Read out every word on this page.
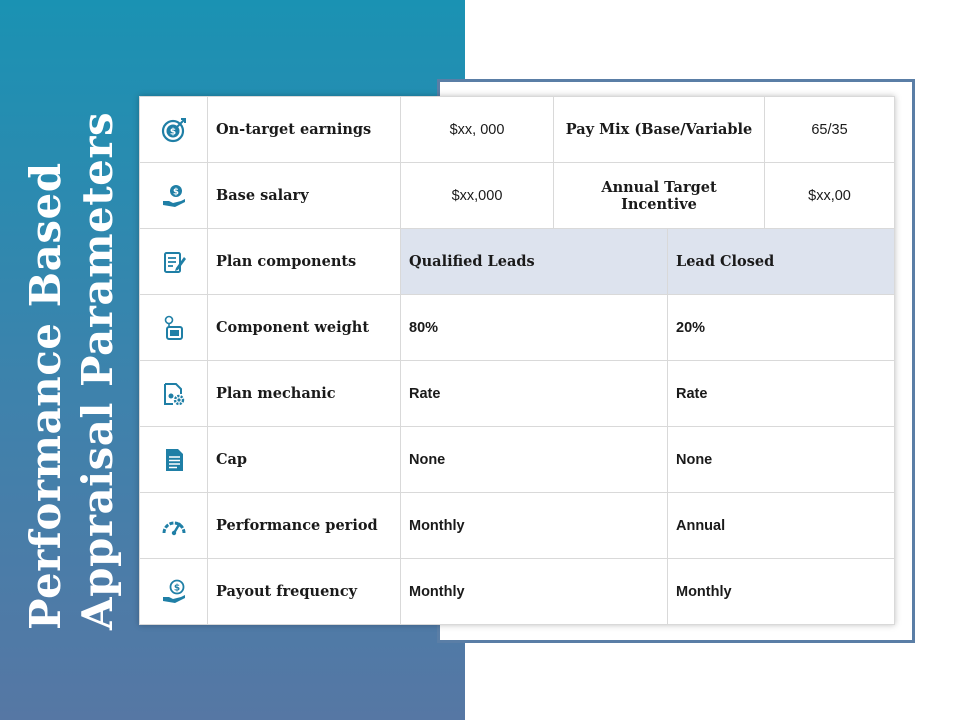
Performance Based Appraisal Parameters	$	On-target earnings	$xx, 000	Pay Mix (Base/Variable		65/35

$	Base salary	$xx,000	Annual Target Incentive		$xx,00
	Plan components	Qualified Leads		Lead Closed	
	Component weight	80%		20%	
	Plan mechanic	Rate		Rate	
	Cap	None		None	
	Performance period	Monthly		Annual	

$	Payout frequency	Monthly		Monthly	
